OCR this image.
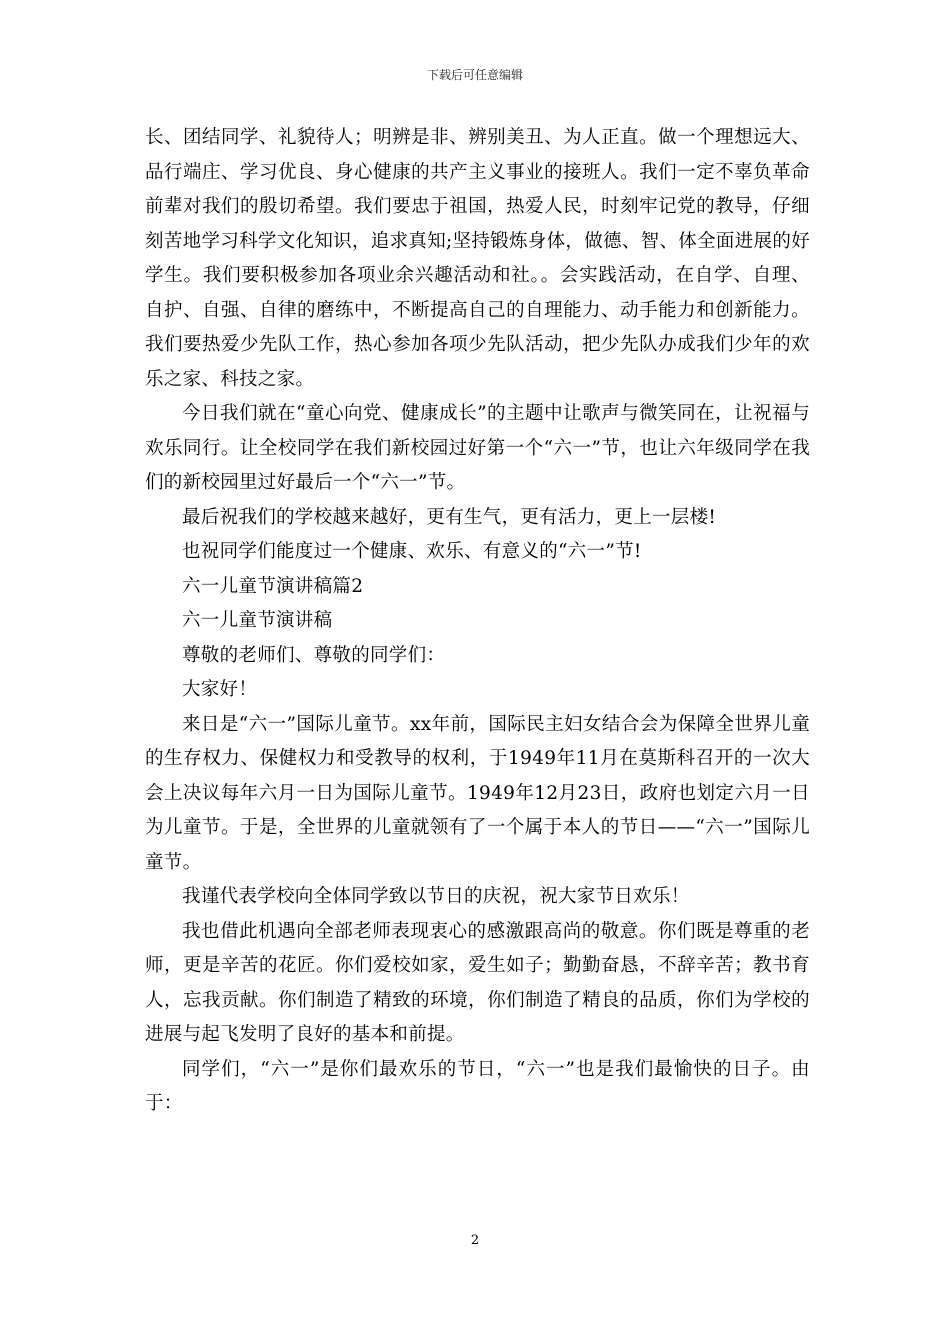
下载后可任意编辑

长、团结同学、礼貌待人；明辨是非、辨别美丑、为人正直。做一个理想远大、品行端庄、学习优良、身心健康的共产主义事业的接班人。我们一定不辜负革命前辈对我们的殷切希望。我们要忠于祖国，热爱人民，时刻牢记党的教导，仔细刻苦地学习科学文化知识，追求真知;坚持锻炼身体，做德、智、体全面进展的好学生。我们要积极参加各项业余兴趣活动和社。。会实践活动，在自学、自理、自护、自强、自律的磨练中，不断提高自己的自理能力、动手能力和创新能力。我们要热爱少先队工作，热心参加各项少先队活动，把少先队办成我们少年的欢乐之家、科技之家。

今日我们就在“童心向党、健康成长”的主题中让歌声与微笑同在，让祝福与欢乐同行。让全校同学在我们新校园过好第一个“六一”节，也让六年级同学在我们的新校园里过好最后一个“六一”节。

最后祝我们的学校越来越好，更有生气，更有活力，更上一层楼!

也祝同学们能度过一个健康、欢乐、有意义的“六一”节!

六一儿童节演讲稿篇2

六一儿童节演讲稿

尊敬的老师们、尊敬的同学们：

大家好！

来日是“六一”国际儿童节。xx年前，国际民主妇女结合会为保障全世界儿童的生存权力、保健权力和受教导的权利，于1949年11月在莫斯科召开的一次大会上决议每年六月一日为国际儿童节。1949年12月23日，政府也划定六月一日为儿童节。于是，全世界的儿童就领有了一个属于本人的节日——“六一”国际儿童节。

我谨代表学校向全体同学致以节日的庆祝，祝大家节日欢乐！

我也借此机遇向全部老师表现衷心的感激跟高尚的敬意。你们既是尊重的老师，更是辛苦的花匠。你们爱校如家，爱生如子；勤勤奋恳，不辞辛苦；教书育人，忘我贡献。你们制造了精致的环境，你们制造了精良的品质，你们为学校的进展与起飞发明了良好的基本和前提。

同学们，“六一”是你们最欢乐的节日，“六一”也是我们最愉快的日子。由于：

2
